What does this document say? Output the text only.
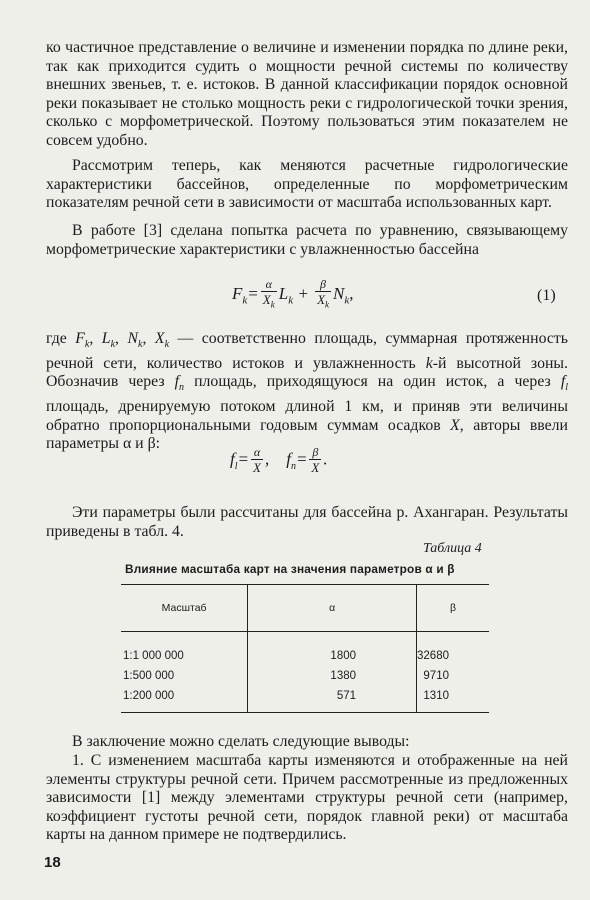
ко частичное представление о величине и изменении порядка по длине реки, так как приходится судить о мощности речной системы по количеству внешних звеньев, т. е. истоков. В данной классификации порядок основной реки показывает не столько мощность реки с гидрологической точки зрения, сколько с морфометрической. Поэтому пользоваться этим показателем не совсем удобно.
Рассмотрим теперь, как меняются расчетные гидрологические характеристики бассейнов, определенные по морфометрическим показателям речной сети в зависимости от масштаба использованных карт.
В работе [3] сделана попытка расчета по уравнению, связывающему морфометрические характеристики с увлажненностью бассейна
$F_k= \frac{\alpha}{X_k} L_k + \frac{\beta}{X_k} N_k$,	(1)
где $F_k$, $L_k$, $N_k$, $X_k$ — соответственно площадь, суммарная протяженность речной сети, количество истоков и увлажненность k-й высотной зоны. Обозначив через $f_n$ площадь, приходящуюся на один исток, а через $f_l$ площадь, дренируемую потоком длиной 1 км, и приняв эти величины обратно пропорциональными годовым суммам осадков X, авторы ввели параметры α и β:
$f_l= \frac{\alpha}{X}$ ,    $f_n= \frac{\beta}{X}$ .
Эти параметры были рассчитаны для бассейна р. Ахангаран. Результаты приведены в табл. 4.
Таблица 4
Влияние масштаба карт на значения параметров α и β
Масштаб	α	β
1:1 000 000	1800	32680
1:500 000	1380	9710
1:200 000	571	1310
В заключение можно сделать следующие выводы:
1. С изменением масштаба карты изменяются и отображенные на ней элементы структуры речной сети. Причем рассмотренные из предложенных зависимости [1] между элементами структуры речной сети (например, коэффициент густоты речной сети, порядок главной реки) от масштаба карты на данном примере не подтвердились.
18
